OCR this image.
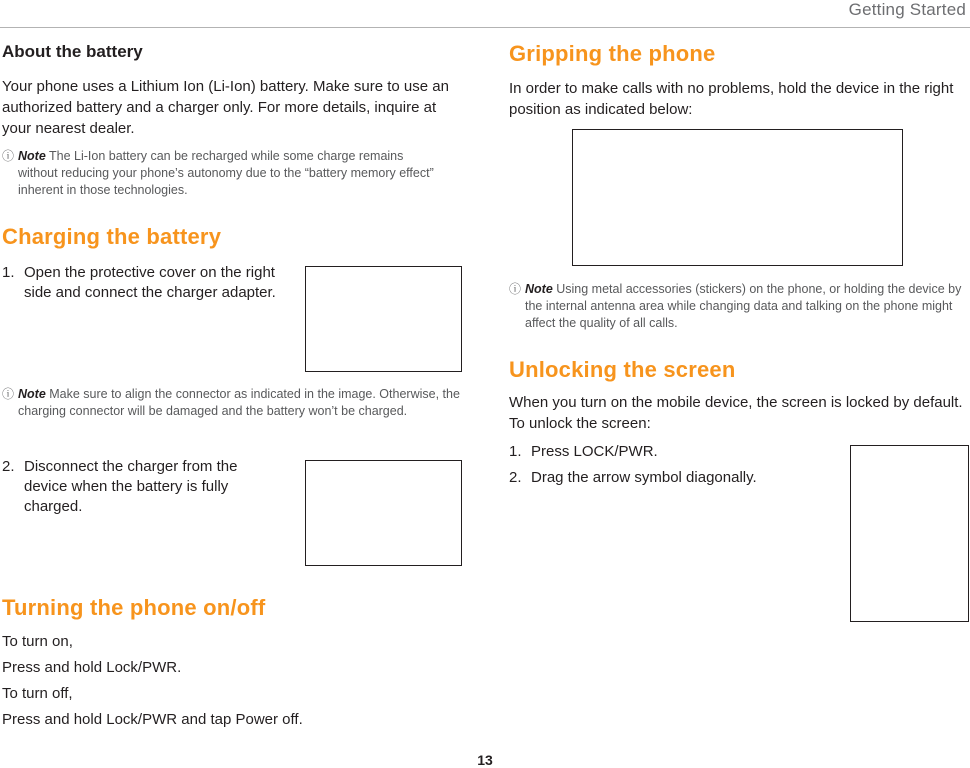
Getting Started
About the battery
Your phone uses a Lithium Ion (Li-Ion) battery. Make sure to use an authorized battery and a charger only. For more details, inquire at your nearest dealer.
ⓘ Note The Li-Ion battery can be recharged while some charge remains without reducing your phone’s autonomy due to the “battery memory effect” inherent in those technologies.
Charging the battery
1. Open the protective cover on the right side and connect the charger adapter.
ⓘ Note Make sure to align the connector as indicated in the image. Otherwise, the charging connector will be damaged and the battery won’t be charged.
2. Disconnect the charger from the device when the battery is fully charged.
Turning the phone on/off
To turn on,
Press and hold Lock/PWR.
To turn off,
Press and hold Lock/PWR and tap Power off.
Gripping the phone
In order to make calls with no problems, hold the device in the right position as indicated below:
ⓘ Note Using metal accessories (stickers) on the phone, or holding the device by the internal antenna area while changing data and talking on the phone might affect the quality of all calls.
Unlocking the screen
When you turn on the mobile device, the screen is locked by default. To unlock the screen:
1. Press LOCK/PWR.
2. Drag the arrow symbol diagonally.
13
